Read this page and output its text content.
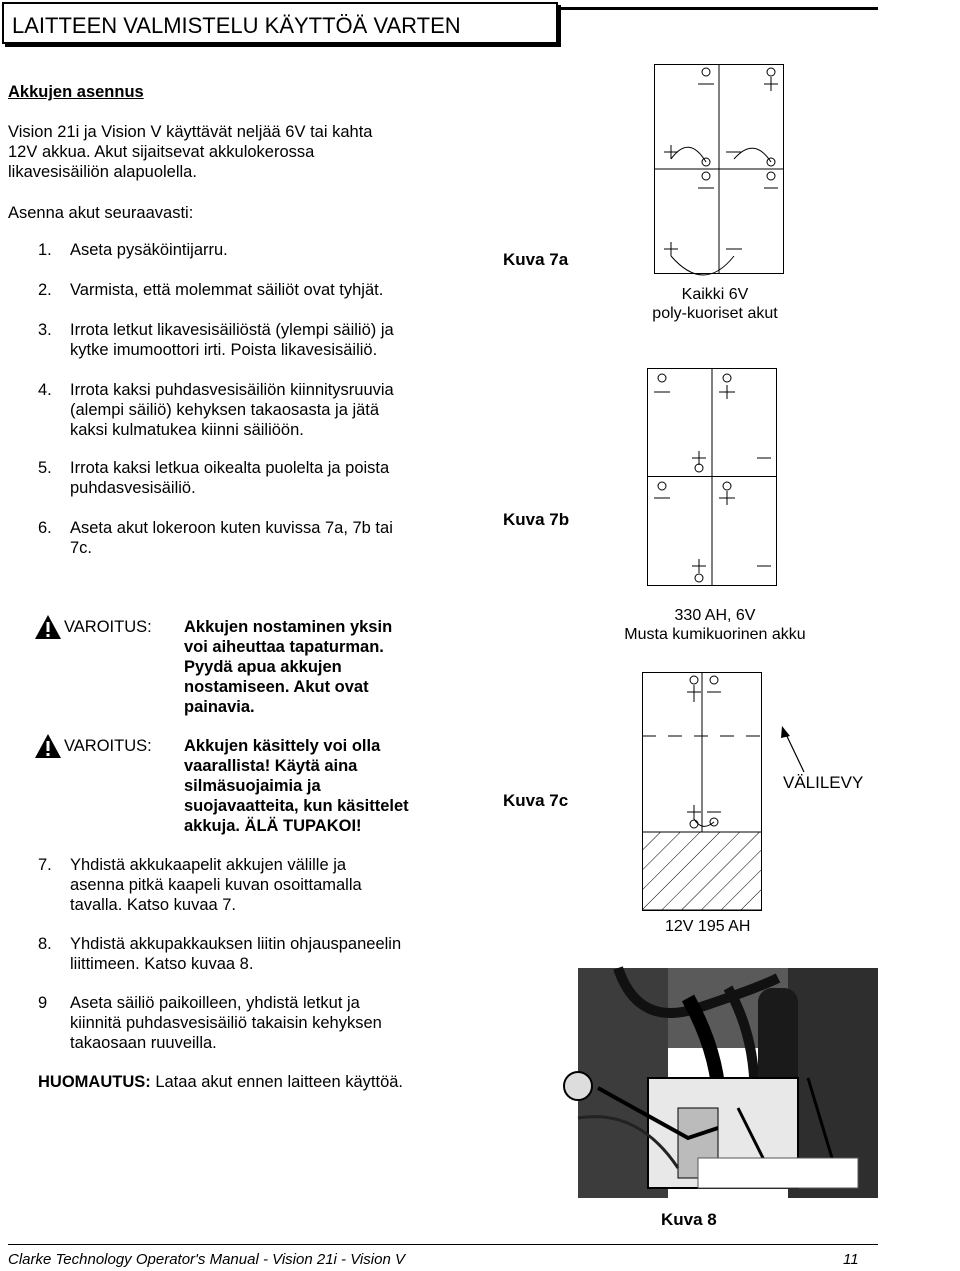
LAITTEEN VALMISTELU KÄYTTÖÄ VARTEN
Akkujen asennus
Vision 21i ja Vision V käyttävät neljää 6V tai kahta
12V akkua. Akut sijaitsevat akkulokerossa
likavesisäiliön alapuolella.
Asenna akut seuraavasti:
1. Aseta pysäköintijarru.
2. Varmista, että molemmat säiliöt ovat tyhjät.
3. Irrota letkut likavesisäiliöstä (ylempi säiliö) ja
kytke imumoottori irti. Poista likavesisäiliö.
4. Irrota kaksi puhdasvesisäiliön kiinnitysruuvia
(alempi säiliö) kehyksen takaosasta ja jätä
kaksi kulmatukea kiinni säiliöön.
5. Irrota kaksi letkua oikealta puolelta ja poista
puhdasvesisäiliö.
6. Aseta akut lokeroon kuten kuvissa 7a, 7b tai
7c.
VAROITUS: Akkujen nostaminen yksin
voi aiheuttaa tapaturman.
Pyydä apua akkujen
nostamiseen. Akut ovat
painavia.
VAROITUS: Akkujen käsittely voi olla
vaarallista! Käytä aina
silmäsuojaimia ja
suojavaatteita, kun käsittelet
akkuja. ÄLÄ TUPAKOI!
7. Yhdistä akkukaapelit akkujen välille ja
asenna pitkä kaapeli kuvan osoittamalla
tavalla. Katso kuvaa 7.
8. Yhdistä akkupakkauksen liitin ohjauspaneelin
liittimeen. Katso kuvaa 8.
9 Aseta säiliö paikoilleen, yhdistä letkut ja
kiinnitä puhdasvesisäiliö takaisin kehyksen
takaosaan ruuveilla.
HUOMAUTUS: Lataa akut ennen laitteen käyttöä.
Kuva 7a
Kaikki 6V
poly-kuoriset akut
Kuva 7b
330 AH, 6V
Musta kumikuorinen akku
Kuva 7c
VÄLILEVY
12V 195 AH
Kuva 8
Clarke Technology Operator's Manual - Vision 21i - Vision V	11
